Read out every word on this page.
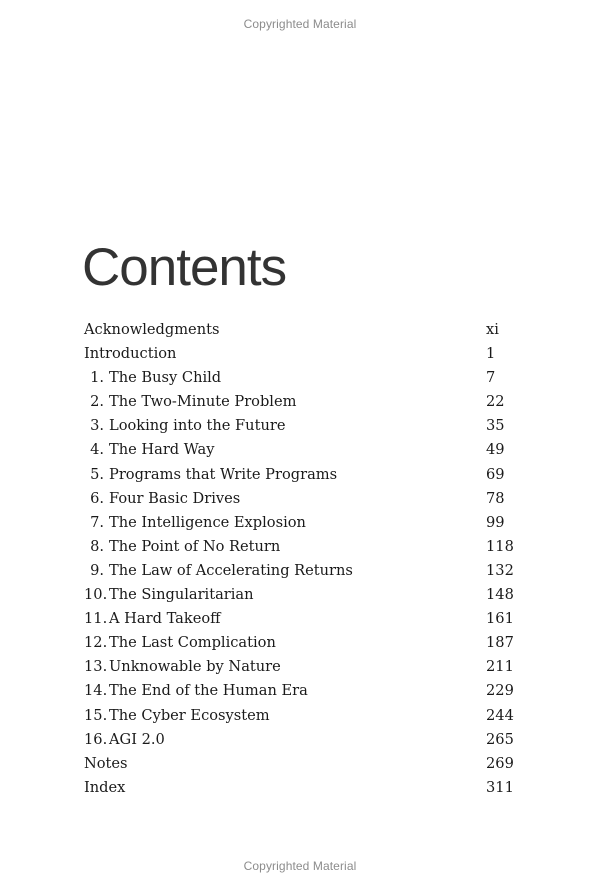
Copyrighted Material
Contents
Acknowledgments	xi
Introduction	1
1. The Busy Child	7
2. The Two-Minute Problem	22
3. Looking into the Future	35
4. The Hard Way	49
5. Programs that Write Programs	69
6. Four Basic Drives	78
7. The Intelligence Explosion	99
8. The Point of No Return	118
9. The Law of Accelerating Returns	132
10. The Singularitarian	148
11. A Hard Takeoff	161
12. The Last Complication	187
13. Unknowable by Nature	211
14. The End of the Human Era	229
15. The Cyber Ecosystem	244
16. AGI 2.0	265
Notes	269
Index	311
Copyrighted Material
